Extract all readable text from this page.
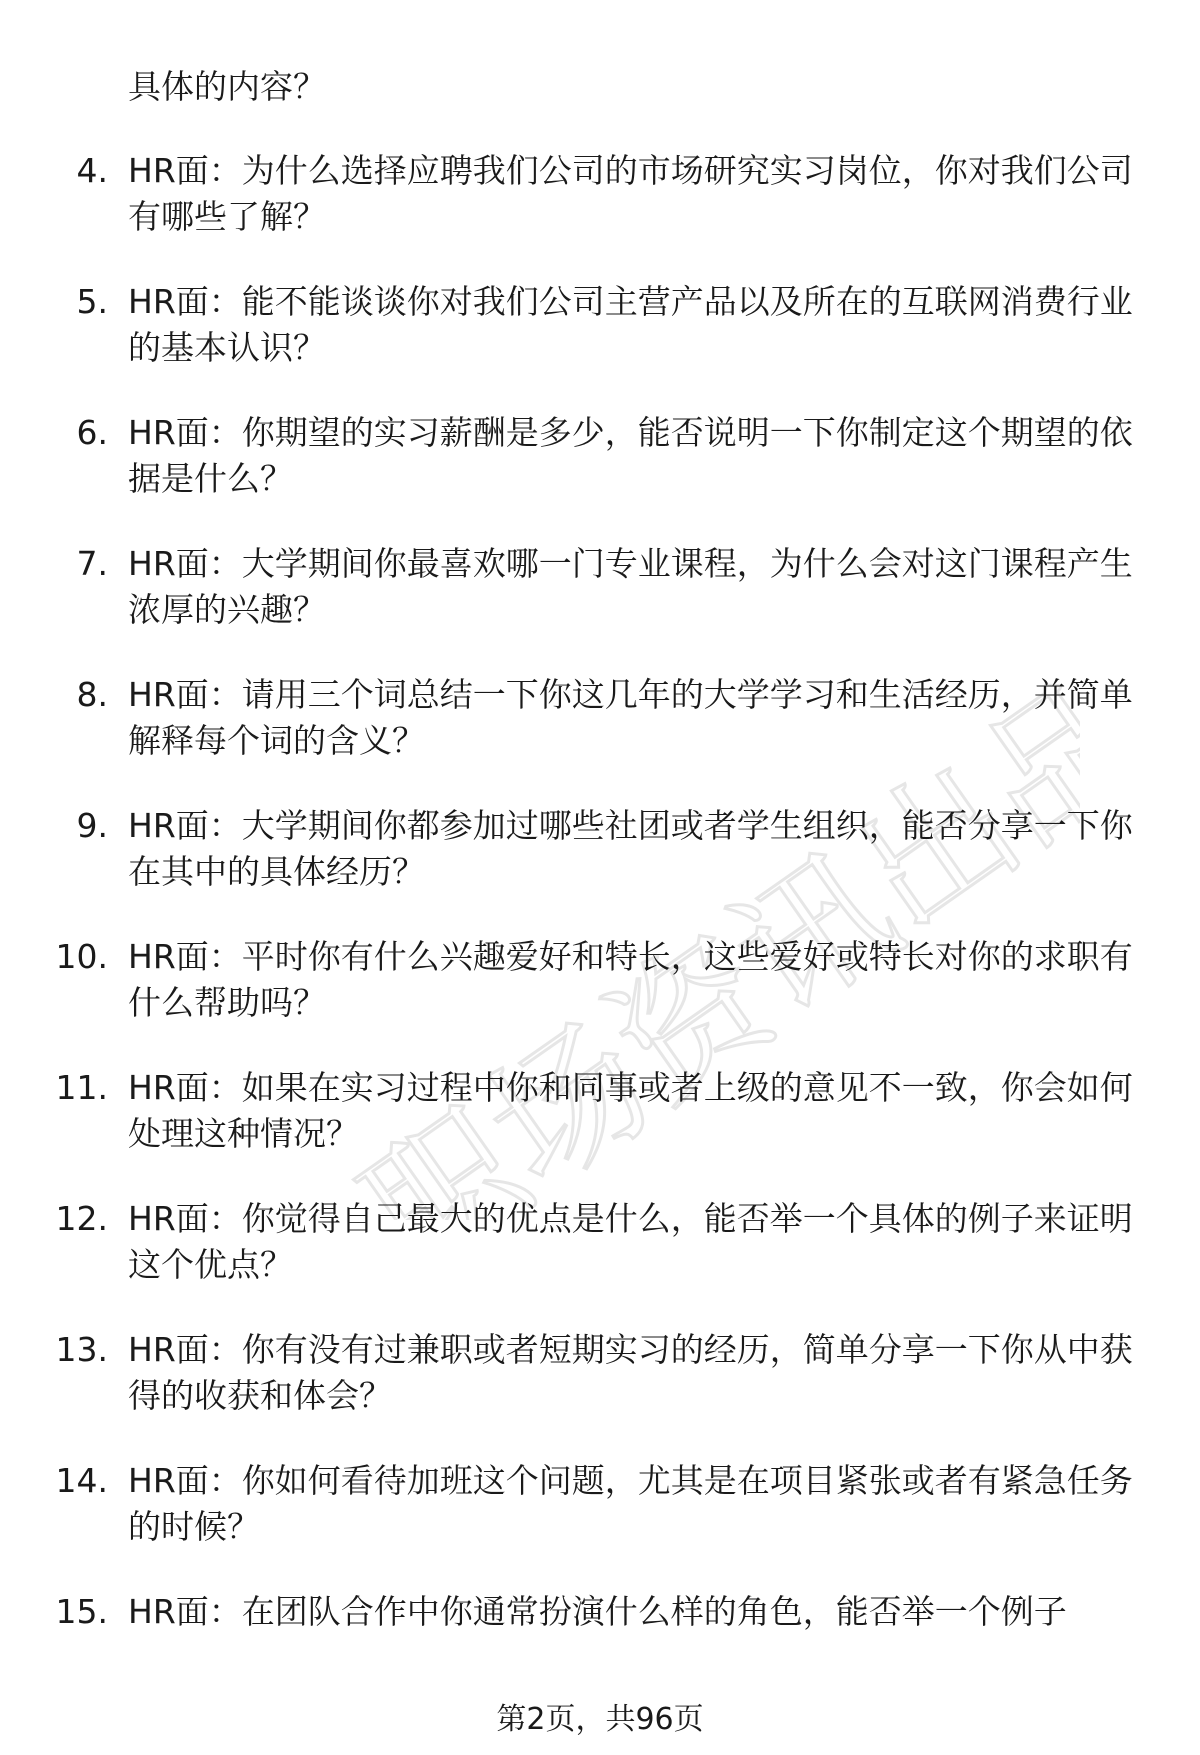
职场资讯出品
具体的内容？
4. HR面：为什么选择应聘我们公司的市场研究实习岗位，你对我们公司有哪些了解？
5. HR面：能不能谈谈你对我们公司主营产品以及所在的互联网消费行业的基本认识？
6. HR面：你期望的实习薪酬是多少，能否说明一下你制定这个期望的依据是什么？
7. HR面：大学期间你最喜欢哪一门专业课程，为什么会对这门课程产生浓厚的兴趣？
8. HR面：请用三个词总结一下你这几年的大学学习和生活经历，并简单解释每个词的含义？
9. HR面：大学期间你都参加过哪些社团或者学生组织，能否分享一下你在其中的具体经历？
10. HR面：平时你有什么兴趣爱好和特长，这些爱好或特长对你的求职有什么帮助吗？
11. HR面：如果在实习过程中你和同事或者上级的意见不一致，你会如何处理这种情况？
12. HR面：你觉得自己最大的优点是什么，能否举一个具体的例子来证明这个优点？
13. HR面：你有没有过兼职或者短期实习的经历，简单分享一下你从中获得的收获和体会？
14. HR面：你如何看待加班这个问题，尤其是在项目紧张或者有紧急任务的时候？
15. HR面：在团队合作中你通常扮演什么样的角色，能否举一个例子
第2页，共96页
